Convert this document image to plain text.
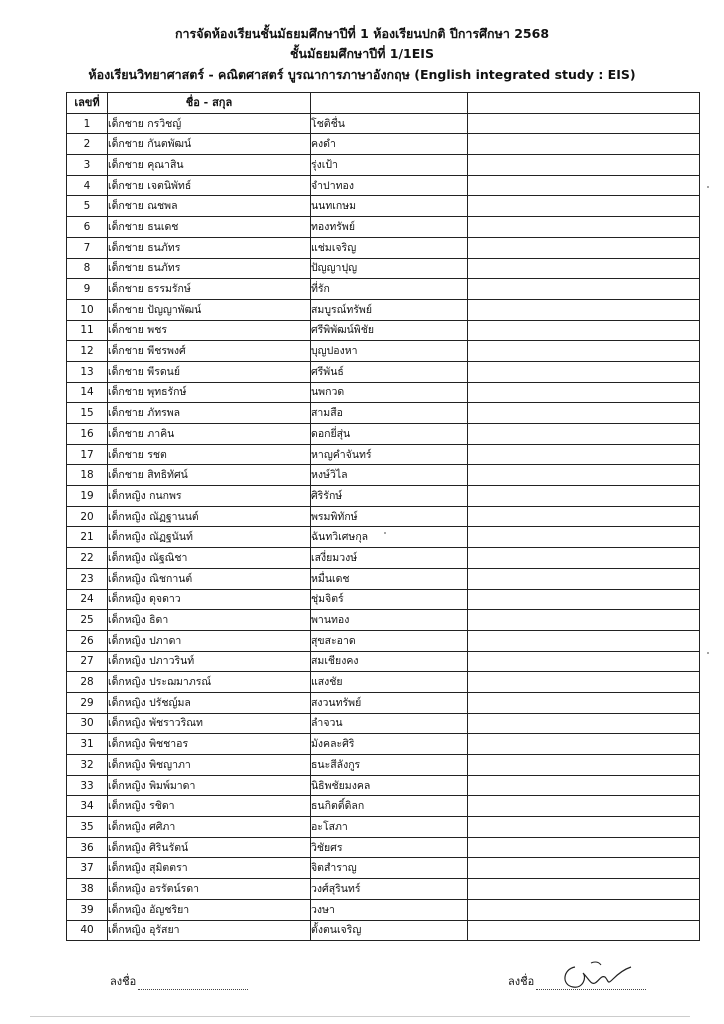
การจัดห้องเรียนชั้นมัธยมศึกษาปีที่ 1 ห้องเรียนปกติ ปีการศึกษา 2568
ชั้นมัธยมศึกษาปีที่ 1/1EIS
ห้องเรียนวิทยาศาสตร์ - คณิตศาสตร์ บูรณาการภาษาอังกฤษ (English integrated study : EIS)
เลขที่	ชื่อ - สกุล		
1	เด็กชาย กรวิชญ์	โชติชื่น	
2	เด็กชาย กันตพัฒน์	คงดำ	
3	เด็กชาย คุณาสิน	รุ่งเป้า	
4	เด็กชาย เจตนิพัทธ์	จำปาทอง	
5	เด็กชาย ณชพล	นนทเกษม	
6	เด็กชาย ธนเดช	ทองทรัพย์	
7	เด็กชาย ธนภัทร	แช่มเจริญ	
8	เด็กชาย ธนภัทร	ปัญญาปุญ	
9	เด็กชาย ธรรมรักษ์	ที่รัก	
10	เด็กชาย ปัญญาพัฒน์	สมบูรณ์ทรัพย์	
11	เด็กชาย พชร	ศรีพิพัฒน์พิชัย	
12	เด็กชาย พีชรพงศ์	บุญปองหา	
13	เด็กชาย พีรดนย์	ศรีพันธ์	
14	เด็กชาย พุทธรักษ์	นพกวด	
15	เด็กชาย ภัทรพล	สามสือ	
16	เด็กชาย ภาคิน	ดอกยี่สุ่น	
17	เด็กชาย รชต	หาญคำจันทร์	
18	เด็กชาย สิทธิทัศน์	หงษ์วิไล	
19	เด็กหญิง กนกพร	ศิริรักษ์	
20	เด็กหญิง ณัฏฐานนต์	พรมพิทักษ์	
21	เด็กหญิง ณัฏฐนันท์	ฉันทวิเศษกุล	
22	เด็กหญิง ณัฐณิชา	เสงี่ยมวงษ์	
23	เด็กหญิง ณิชกานต์	หมื่นเดช	
24	เด็กหญิง ดุจดาว	ชุ่มจิตร์	
25	เด็กหญิง ธิดา	พานทอง	
26	เด็กหญิง ปภาดา	สุขสะอาด	
27	เด็กหญิง ปภาวรินท์	สมเชียงคง	
28	เด็กหญิง ประฌมาภรณ์	แสงชัย	
29	เด็กหญิง ปรัชญ์มล	สงวนทรัพย์	
30	เด็กหญิง พัชราวริณท	ลำจวน	
31	เด็กหญิง พิชชาอร	มังคละศิริ	
32	เด็กหญิง พิชญาภา	ธนะสีลังกูร	
33	เด็กหญิง พิมพ์มาดา	นิธิพชัยมงคล	
34	เด็กหญิง รชิดา	ธนกิตติ์ดิลก	
35	เด็กหญิง ศศิภา	อะโสภา	
36	เด็กหญิง ศิรินรัตน์	วิชัยศร	
37	เด็กหญิง สุมิตตรา	จิตสำราญ	
38	เด็กหญิง อรรัตน์รดา	วงศ์สุรินทร์	
39	เด็กหญิง อัญชริยา	วงษา	
40	เด็กหญิง อุรัสยา	ตั้งตนเจริญ	
ลงชื่อ	ลงชื่อ
